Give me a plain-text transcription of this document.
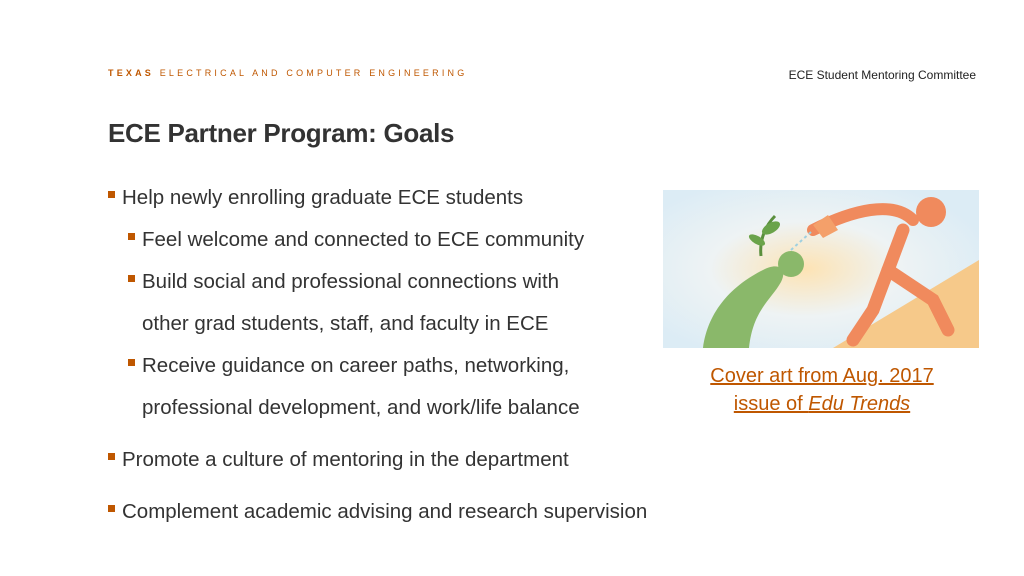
TEXAS ELECTRICAL AND COMPUTER ENGINEERING	ECE Student Mentoring Committee
ECE Partner Program: Goals
Help newly enrolling graduate ECE students
Feel welcome and connected to ECE community
Build social and professional connections with
other grad students, staff, and faculty in ECE
Receive guidance on career paths, networking,
professional development, and work/life balance
Promote a culture of mentoring in the department
Complement academic advising and research supervision
Cover art from Aug. 2017
issue of Edu Trends
